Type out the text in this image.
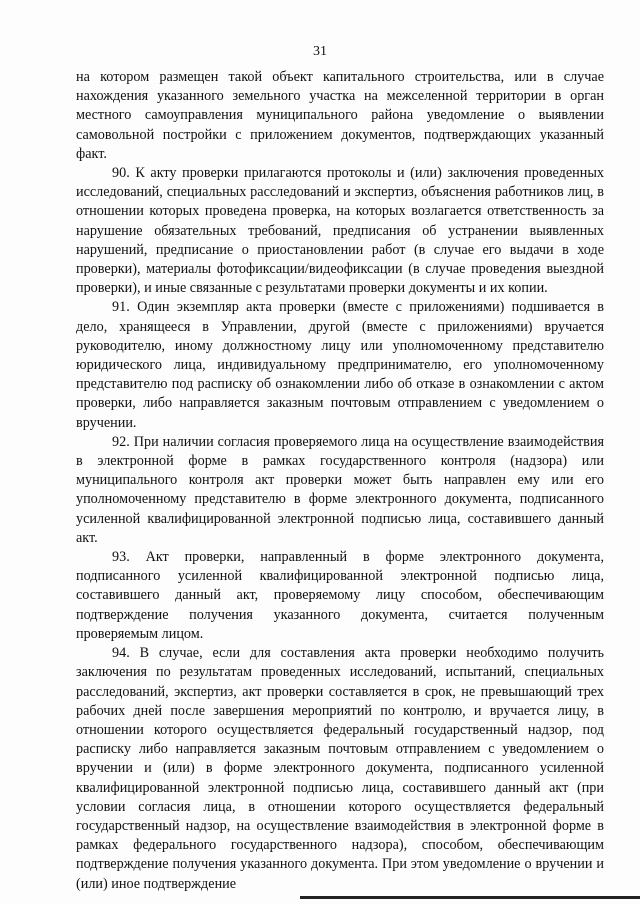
31

на котором размещен такой объект капитального строительства, или в случае нахождения указанного земельного участка на межселенной территории в орган местного самоуправления муниципального района уведомление о выявлении самовольной постройки с приложением документов, подтверждающих указанный факт.

90. К акту проверки прилагаются протоколы и (или) заключения проведенных исследований, специальных расследований и экспертиз, объяснения работников лиц, в отношении которых проведена проверка, на которых возлагается ответственность за нарушение обязательных требований, предписания об устранении выявленных нарушений, предписание о приостановлении работ (в случае его выдачи в ходе проверки), материалы фотофиксации/видеофиксации (в случае проведения выездной проверки), и иные связанные с результатами проверки документы и их копии.

91. Один экземпляр акта проверки (вместе с приложениями) подшивается в дело, хранящееся в Управлении, другой (вместе с приложениями) вручается руководителю, иному должностному лицу или уполномоченному представителю юридического лица, индивидуальному предпринимателю, его уполномоченному представителю под расписку об ознакомлении либо об отказе в ознакомлении с актом проверки, либо направляется заказным почтовым отправлением с уведомлением о вручении.

92. При наличии согласия проверяемого лица на осуществление взаимодействия в электронной форме в рамках государственного контроля (надзора) или муниципального контроля акт проверки может быть направлен ему или его уполномоченному представителю в форме электронного документа, подписанного усиленной квалифицированной электронной подписью лица, составившего данный акт.

93. Акт проверки, направленный в форме электронного документа, подписанного усиленной квалифицированной электронной подписью лица, составившего данный акт, проверяемому лицу способом, обеспечивающим подтверждение получения указанного документа, считается полученным проверяемым лицом.

94. В случае, если для составления акта проверки необходимо получить заключения по результатам проведенных исследований, испытаний, специальных расследований, экспертиз, акт проверки составляется в срок, не превышающий трех рабочих дней после завершения мероприятий по контролю, и вручается лицу, в отношении которого осуществляется федеральный государственный надзор, под расписку либо направляется заказным почтовым отправлением с уведомлением о вручении и (или) в форме электронного документа, подписанного усиленной квалифицированной электронной подписью лица, составившего данный акт (при условии согласия лица, в отношении которого осуществляется федеральный государственный надзор, на осуществление взаимодействия в электронной форме в рамках федерального государственного надзора), способом, обеспечивающим подтверждение получения указанного документа. При этом уведомление о вручении и (или) иное подтверждение
